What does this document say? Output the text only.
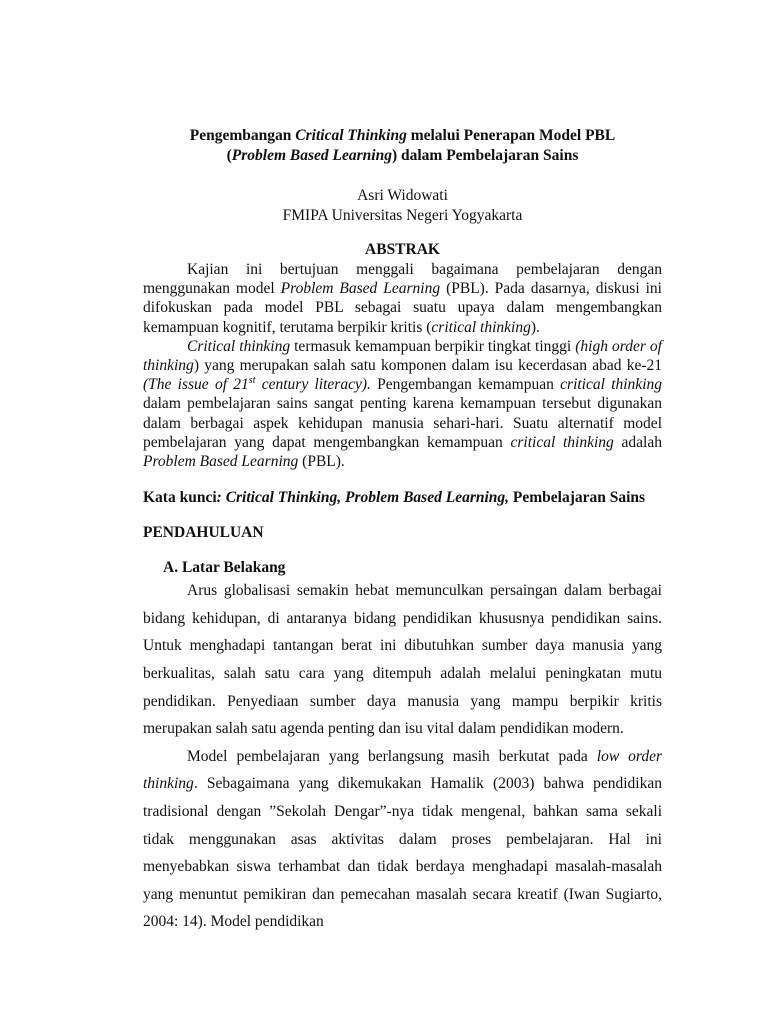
Pengembangan Critical Thinking melalui Penerapan Model PBL
(Problem Based Learning) dalam Pembelajaran Sains
Asri Widowati
FMIPA Universitas Negeri Yogyakarta
ABSTRAK

Kajian ini bertujuan menggali bagaimana pembelajaran dengan menggunakan model Problem Based Learning (PBL). Pada dasarnya, diskusi ini difokuskan pada model PBL sebagai suatu upaya dalam mengembangkan kemampuan kognitif, terutama berpikir kritis (critical thinking).

Critical thinking termasuk kemampuan berpikir tingkat tinggi (high order of thinking) yang merupakan salah satu komponen dalam isu kecerdasan abad ke-21 (The issue of 21st century literacy). Pengembangan kemampuan critical thinking dalam pembelajaran sains sangat penting karena kemampuan tersebut digunakan dalam berbagai aspek kehidupan manusia sehari-hari. Suatu alternatif model pembelajaran yang dapat mengembangkan kemampuan critical thinking adalah Problem Based Learning (PBL).

Kata kunci: Critical Thinking, Problem Based Learning, Pembelajaran Sains
PENDAHULUAN
A. Latar Belakang

Arus globalisasi semakin hebat memunculkan persaingan dalam berbagai bidang kehidupan, di antaranya bidang pendidikan khususnya pendidikan sains. Untuk menghadapi tantangan berat ini dibutuhkan sumber daya manusia yang berkualitas, salah satu cara yang ditempuh adalah melalui peningkatan mutu pendidikan. Penyediaan sumber daya manusia yang mampu berpikir kritis merupakan salah satu agenda penting dan isu vital dalam pendidikan modern.

Model pembelajaran yang berlangsung masih berkutat pada low order thinking. Sebagaimana yang dikemukakan Hamalik (2003) bahwa pendidikan tradisional dengan ”Sekolah Dengar”-nya tidak mengenal, bahkan sama sekali tidak menggunakan asas aktivitas dalam proses pembelajaran. Hal ini menyebabkan siswa terhambat dan tidak berdaya menghadapi masalah-masalah yang menuntut pemikiran dan pemecahan masalah secara kreatif (Iwan Sugiarto, 2004: 14). Model pendidikan
